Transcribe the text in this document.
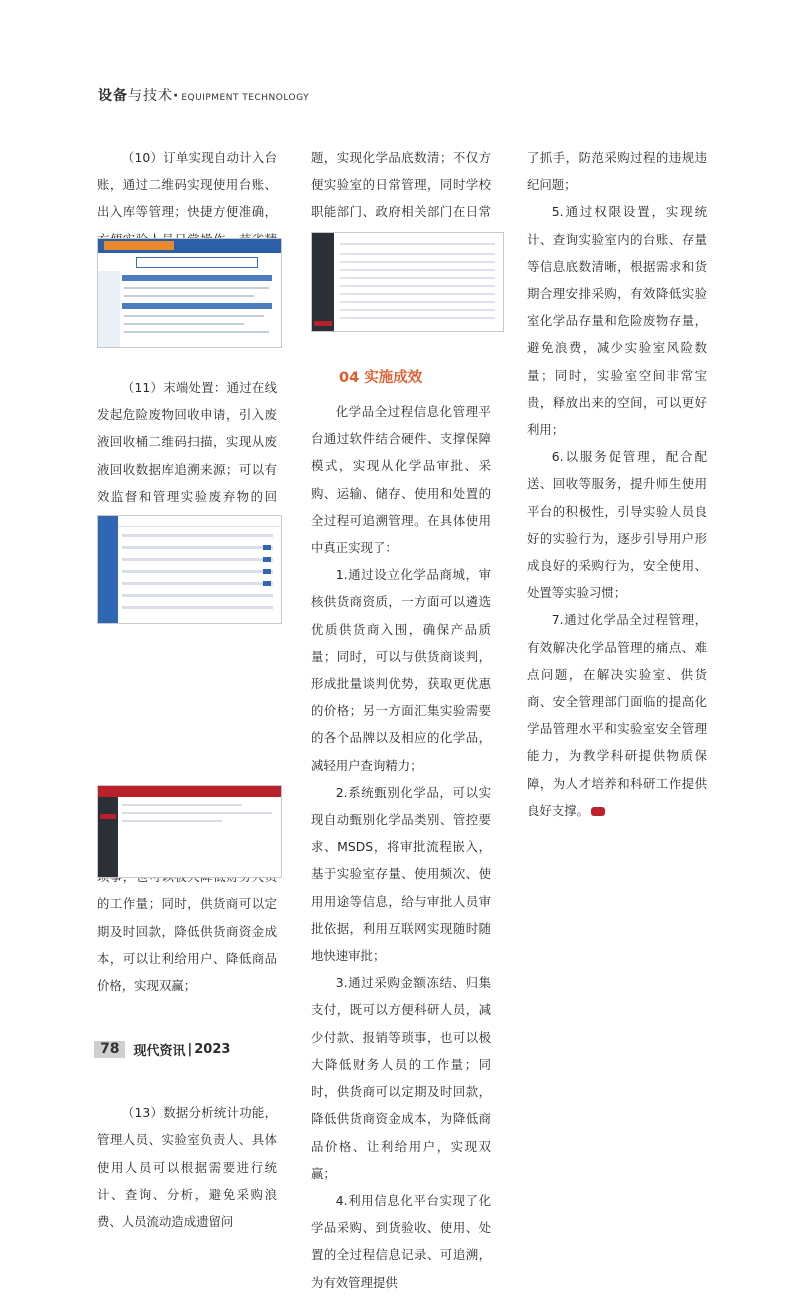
设备与技术· EQUIPMENT TECHNOLOGY

（10）订单实现自动计入台账，通过二维码实现使用台账、出入库等管理；快捷方便准确，

（11）末端处置：通过在线发起危险废物回收申请，引入废液回收桶二维码扫描，实现从废液回收数据库追溯来源；可以有效监督和管理实验废弃物的回

的工作量；同时，供货商可以定期及时回款，降低供货商资金成本，可以让利给用户、降低商品价格，实现双赢；

（13）数据分析统计功能，管理人员、实验室负责人、具体使用人员可以根据需要进行统计、查询、分析，避免采购浪费、人员流动造成遗留问

题，实现化学品底数清；不仅方便实验室的日常管理，同时学校职能部门、政府相关部门在日常

04 实施成效

化学品全过程信息化管理平台通过软件结合硬件、支撑保障模式，实现从化学品审批、采购、运输、储存、使用和处置的全过程可追溯管理。在具体使用中真正实现了：

1.通过设立化学品商城，审核供货商资质，一方面可以遴选优质供货商入围，确保产品质量；同时，可以与供货商谈判，形成批量谈判优势，获取更优惠的价格；另一方面汇集实验需要的各个品牌以及相应的化学品，减轻用户查询精力；

2.系统甄别化学品，可以实现自动甄别化学品类别、管控要求、MSDS，将审批流程嵌入，基于实验室存量、使用频次、使用用途等信息，给与审批人员审批依据，利用互联网实现随时随地快速审批；

3.通过采购金额冻结、归集支付，既可以方便科研人员，减少付款、报销等琐事，也可以极大降低财务人员的工作量；同时，供货商可以定期及时回款，降低供货商资金成本，为降低商品价格、让利给用户，实现双赢；

4.利用信息化平台实现了化学品采购、到货验收、使用、处置的全过程信息记录、可追溯，为有效管理提供

了抓手，防范采购过程的违规违纪问题；

5.通过权限设置，实现统计、查询实验室内的台账、存量等信息底数清晰，根据需求和货期合理安排采购，有效降低实验室化学品存量和危险废物存量，避免浪费，减少实验室风险数量；同时，实验室空间非常宝贵，释放出来的空间，可以更好利用；

6.以服务促管理，配合配送、回收等服务，提升师生使用平台的积极性，引导实验人员良好的实验行为，逐步引导用户形成良好的采购行为，安全使用、处置等实验习惯；

7.通过化学品全过程管理，有效解决化学品管理的痛点、难点问题，在解决实验室、供货商、安全管理部门面临的提高化学品管理水平和实验室安全管理能力，为教学科研提供物质保障，为人才培养和科研工作提供良好支撑。

78	现代资讯 | 2023
